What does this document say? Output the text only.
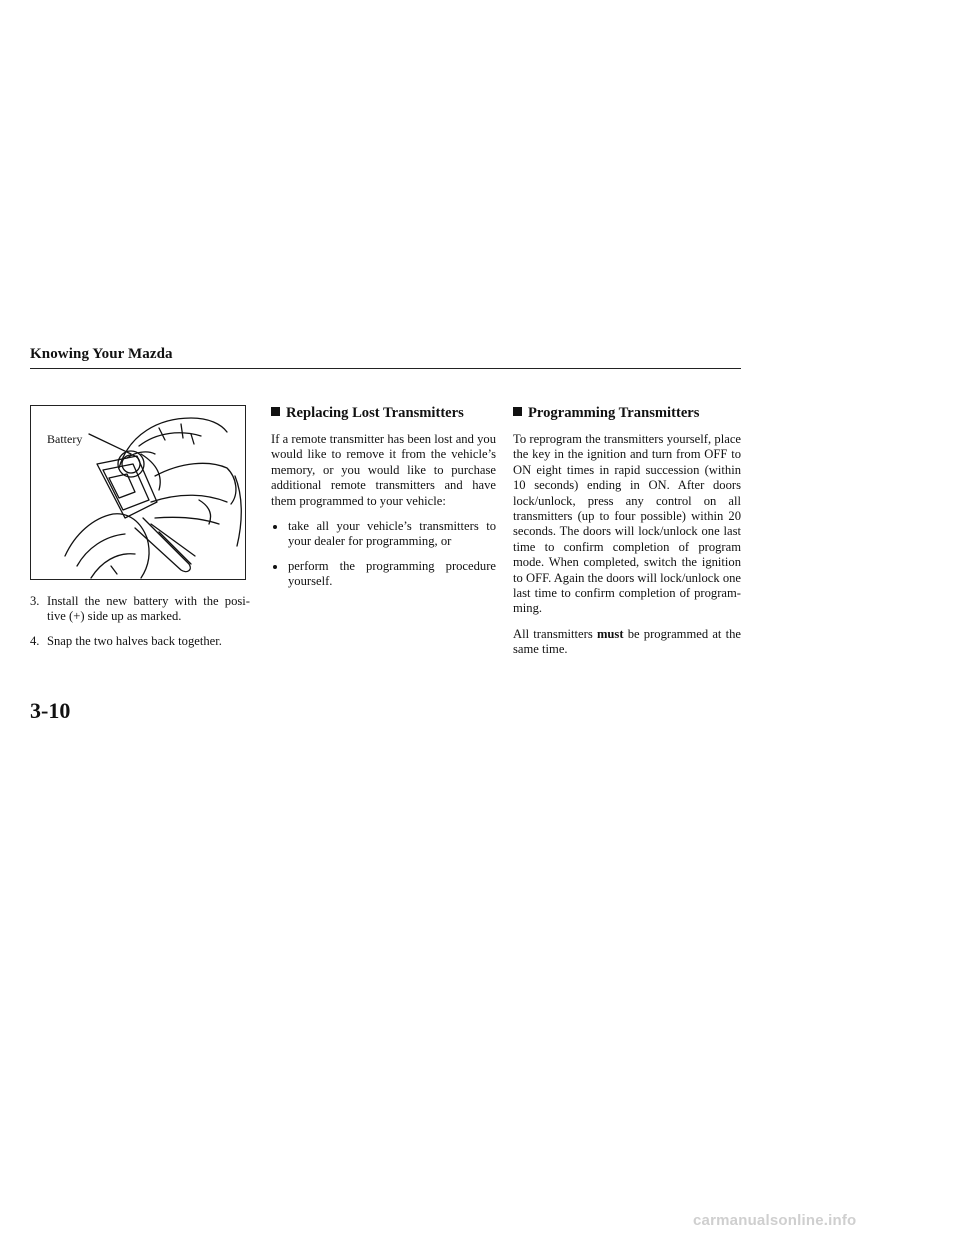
Knowing Your Mazda
Battery
3. Install the new battery with the posi-tive (+) side up as marked.
4. Snap the two halves back together.
Replacing Lost Transmitters

If a remote transmitter has been lost and you would like to remove it from the vehicle’s memory, or you would like to purchase additional remote transmitters and have them programmed to your vehicle:

take all your vehicle’s transmitters to your dealer for programming, or
perform the programming procedure yourself.
Programming Transmitters

To reprogram the transmitters yourself, place the key in the ignition and turn from OFF to ON eight times in rapid succession (within 10 seconds) ending in ON. After doors lock/unlock, press any control on all transmitters (up to four possible) within 20 seconds. The doors will lock/unlock one last time to confirm completion of program mode. When completed, switch the ignition to OFF. Again the doors will lock/unlock one last time to confirm completion of program-ming.

All transmitters must be programmed at the same time.

3-10
carmanualsonline.info
